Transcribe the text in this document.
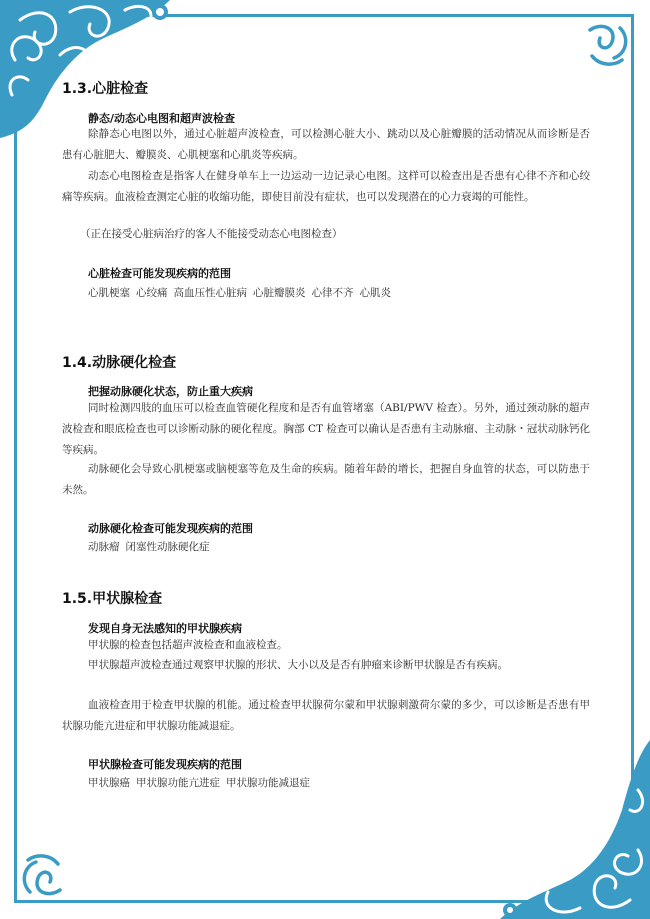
1.3.心脏检查

静态/动态心电图和超声波检查

除静态心电图以外，通过心脏超声波检查，可以检测心脏大小、跳动以及心脏瓣膜的活动情况从而诊断是否患有心脏肥大、瓣膜炎、心肌梗塞和心肌炎等疾病。

动态心电图检查是指客人在健身单车上一边运动一边记录心电图。这样可以检查出是否患有心律不齐和心绞痛等疾病。血液检查测定心脏的收缩功能，即使目前没有症状，也可以发现潜在的心力衰竭的可能性。

（正在接受心脏病治疗的客人不能接受动态心电图检查）

心脏检查可能发现疾病的范围

心肌梗塞 心绞痛 高血压性心脏病 心脏瓣膜炎 心律不齐 心肌炎

1.4.动脉硬化检查

把握动脉硬化状态，防止重大疾病

同时检测四肢的血压可以检查血管硬化程度和是否有血管堵塞（ABI/PWV 检查）。另外，通过颈动脉的超声波检查和眼底检查也可以诊断动脉的硬化程度。胸部 CT 检查可以确认是否患有主动脉瘤、主动脉・冠状动脉钙化等疾病。

动脉硬化会导致心肌梗塞或脑梗塞等危及生命的疾病。随着年龄的增长，把握自身血管的状态，可以防患于未然。

动脉硬化检查可能发现疾病的范围

动脉瘤 闭塞性动脉硬化症

1.5.甲状腺检查

发现自身无法感知的甲状腺疾病

甲状腺的检查包括超声波检查和血液检查。

甲状腺超声波检查通过观察甲状腺的形状、大小以及是否有肿瘤来诊断甲状腺是否有疾病。

血液检查用于检查甲状腺的机能。通过检查甲状腺荷尔蒙和甲状腺刺激荷尔蒙的多少，可以诊断是否患有甲状腺功能亢进症和甲状腺功能减退症。

甲状腺检查可能发现疾病的范围

甲状腺癌 甲状腺功能亢进症 甲状腺功能减退症
